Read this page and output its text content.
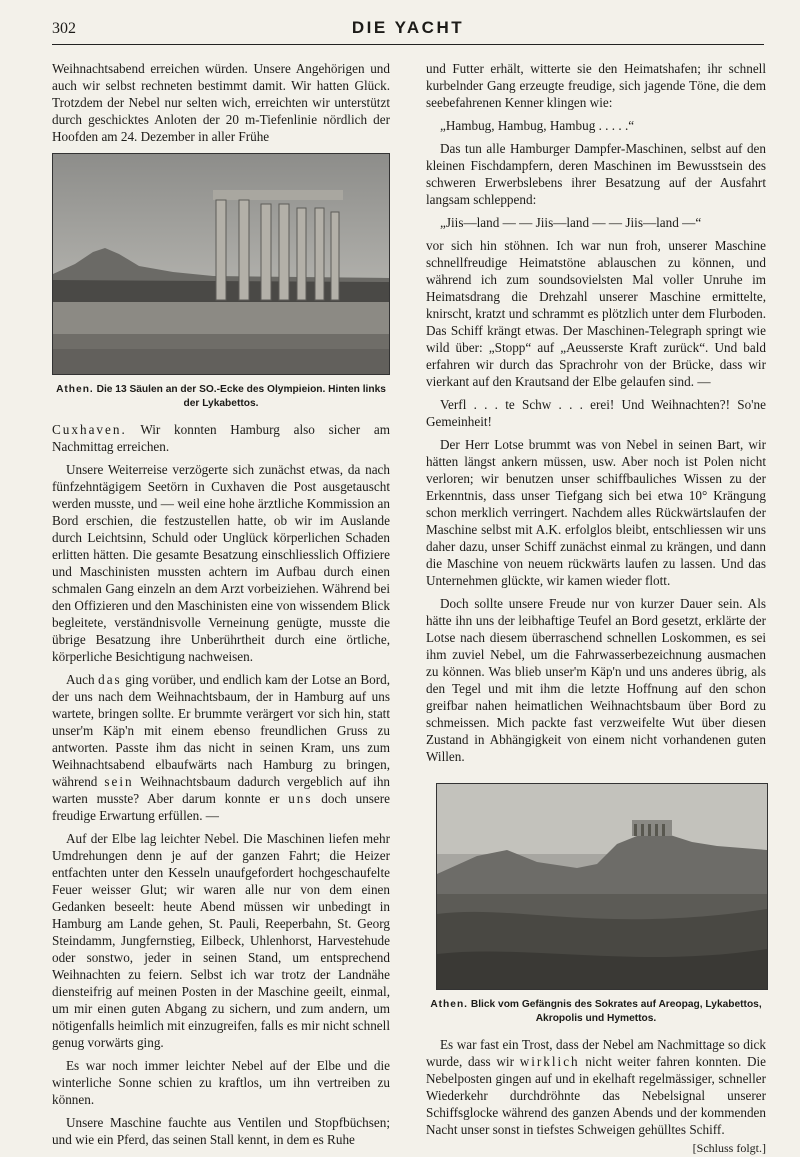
302	DIE YACHT

Weihnachtsabend erreichen würden. Unsere Angehörigen und auch wir selbst rechneten bestimmt damit. Wir hatten Glück. Trotzdem der Nebel nur selten wich, erreichten wir unterstützt durch geschicktes Anloten der 20 m-Tiefenlinie nördlich der Hoofden am 24. Dezember in aller Frühe

Athen. Die 13 Säulen an der SO.-Ecke des Olympieion. Hinten links der Lykabettos.

Cuxhaven. Wir konnten Hamburg also sicher am Nachmittag erreichen.

Unsere Weiterreise verzögerte sich zunächst etwas, da nach fünfzehntägigem Seetörn in Cuxhaven die Post ausgetauscht werden musste, und — weil eine hohe ärztliche Kommission an Bord erschien, die festzustellen hatte, ob wir im Auslande durch Leichtsinn, Schuld oder Unglück körperlichen Schaden erlitten hätten. Die gesamte Besatzung einschliesslich Offiziere und Maschinisten mussten achtern im Aufbau durch einen schmalen Gang einzeln an dem Arzt vorbeiziehen. Während bei den Offizieren und den Maschinisten eine von wissendem Blick begleitete, verständnisvolle Verneinung genügte, musste die übrige Besatzung ihre Unberührtheit durch eine örtliche, körperliche Besichtigung nachweisen.

Auch das ging vorüber, und endlich kam der Lotse an Bord, der uns nach dem Weihnachtsbaum, der in Hamburg auf uns wartete, bringen sollte. Er brummte verärgert vor sich hin, statt unser'm Käp'n mit einem ebenso freundlichen Gruss zu antworten. Passte ihm das nicht in seinen Kram, uns zum Weihnachtsabend elbaufwärts nach Hamburg zu bringen, während sein Weihnachtsbaum dadurch vergeblich auf ihn warten musste? Aber darum konnte er uns doch unsere freudige Erwartung erfüllen. —

Auf der Elbe lag leichter Nebel. Die Maschinen liefen mehr Umdrehungen denn je auf der ganzen Fahrt; die Heizer entfachten unter den Kesseln unaufgefordert hochgeschaufelte Feuer weisser Glut; wir waren alle nur von dem einen Gedanken beseelt: heute Abend müssen wir unbedingt in Hamburg am Lande gehen, St. Pauli, Reeperbahn, St. Georg Steindamm, Jungfernstieg, Eilbeck, Uhlenhorst, Harvestehude oder sonstwo, jeder in seinen Stand, um entsprechend Weihnachten zu feiern. Selbst ich war trotz der Landnähe diensteifrig auf meinen Posten in der Maschine geeilt, einmal, um mir einen guten Abgang zu sichern, und zum andern, um nötigenfalls heimlich mit einzugreifen, falls es mir nicht schnell genug vorwärts ging.

Es war noch immer leichter Nebel auf der Elbe und die winterliche Sonne schien zu kraftlos, um ihn vertreiben zu können.

Unsere Maschine fauchte aus Ventilen und Stopfbüchsen; und wie ein Pferd, das seinen Stall kennt, in dem es Ruhe

und Futter erhält, witterte sie den Heimatshafen; ihr schnell kurbelnder Gang erzeugte freudige, sich jagende Töne, die dem seebefahrenen Kenner klingen wie:

„Hambug, Hambug, Hambug . . . . .“

Das tun alle Hamburger Dampfer-Maschinen, selbst auf den kleinen Fischdampfern, deren Maschinen im Bewusstsein des schweren Erwerbslebens ihrer Besatzung auf der Ausfahrt langsam schleppend:

„Jiis—land — — Jiis—land — — Jiis—land —“

vor sich hin stöhnen. Ich war nun froh, unserer Maschine schnellfreudige Heimatstöne ablauschen zu können, und während ich zum soundsovielsten Mal voller Unruhe im Heimatsdrang die Drehzahl unserer Maschine ermittelte, knirscht, kratzt und schrammt es plötzlich unter dem Flurboden. Das Schiff krängt etwas. Der Maschinen-Telegraph springt wie wild über: „Stopp“ auf „Aeusserste Kraft zurück“. Und bald erfahren wir durch das Sprachrohr von der Brücke, dass wir vierkant auf den Krautsand der Elbe gelaufen sind. —

Verfl . . . te Schw . . . erei! Und Weihnachten?! So'ne Gemeinheit!

Der Herr Lotse brummt was von Nebel in seinen Bart, wir hätten längst ankern müssen, usw. Aber noch ist Polen nicht verloren; wir benutzen unser schiffbauliches Wissen zu der Erkenntnis, dass unser Tiefgang sich bei etwa 10° Krängung schon merklich verringert. Nachdem alles Rückwärtslaufen der Maschine selbst mit A.K. erfolglos bleibt, entschliessen wir uns daher dazu, unser Schiff zunächst einmal zu krängen, und dann die Maschine von neuem rückwärts laufen zu lassen. Und das Unternehmen glückte, wir kamen wieder flott.

Doch sollte unsere Freude nur von kurzer Dauer sein. Als hätte ihn uns der leibhaftige Teufel an Bord gesetzt, erklärte der Lotse nach diesem überraschend schnellen Loskommen, es sei ihm zuviel Nebel, um die Fahrwasserbezeichnung ausmachen zu können. Was blieb unser'm Käp'n und uns anderes übrig, als den Tegel und mit ihm die letzte Hoffnung auf den schon greifbar nahen heimatlichen Weihnachtsbaum über Bord zu schmeissen. Mich packte fast verzweifelte Wut über diesen Zustand in Abhängigkeit von einem nicht vorhandenen guten Willen.

Athen. Blick vom Gefängnis des Sokrates auf Areopag, Lykabettos, Akropolis und Hymettos.

Es war fast ein Trost, dass der Nebel am Nachmittage so dick wurde, dass wir wirklich nicht weiter fahren konnten. Die Nebelposten gingen auf und in ekelhaft regelmässiger, schneller Wiederkehr durchdröhnte das Nebelsignal unserer Schiffsglocke während des ganzen Abends und der kommenden Nacht unser sonst in tiefstes Schweigen gehülltes Schiff.

[Schluss folgt.]
